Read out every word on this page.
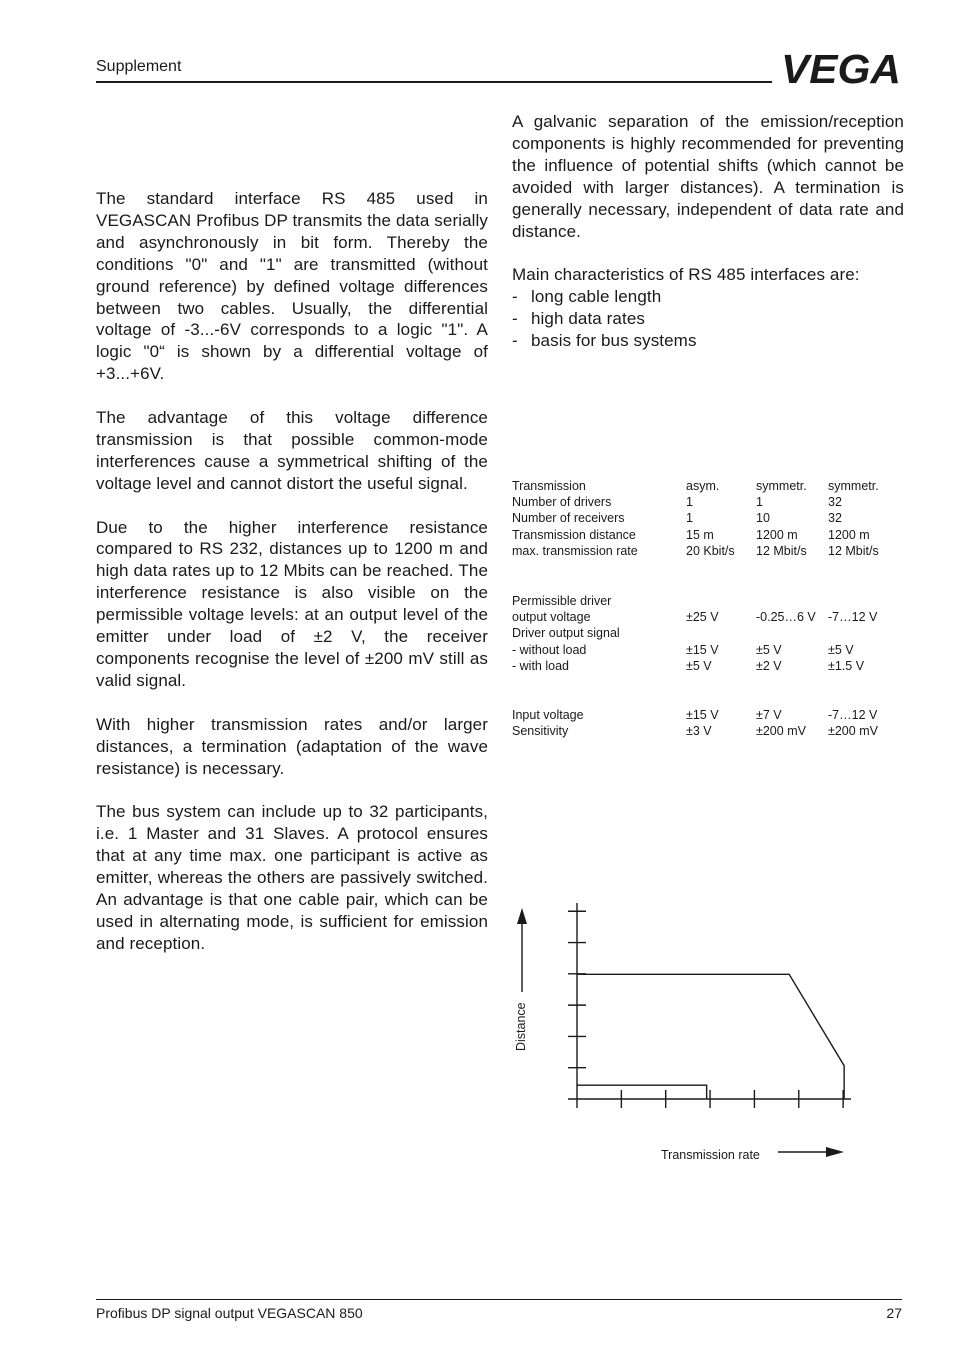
Supplement	VEGA

The standard interface RS 485 used in VEGASCAN Profibus DP transmits the data serially and asynchronously in bit form. Thereby the conditions "0" and "1" are transmitted (without ground reference) by defined voltage differences between two cables. Usually, the differential voltage of -3...-6V corresponds to a logic "1". A logic "0“ is shown by a differential voltage of +3...+6V.

The advantage of this voltage difference transmission is that possible common-mode interferences cause a symmetrical shifting of the voltage level and cannot distort the useful signal.

Due to the higher interference resistance compared to RS 232, distances up to 1200 m and high data rates up to 12 Mbits can be reached. The interference resistance is also visible on the permissible voltage levels: at an output level of the emitter under load of ±2 V, the receiver components recognise the level of ±200 mV still as valid signal.

With higher transmission rates and/or larger distances, a termination (adaptation of the wave resistance) is necessary.

The bus system can include up to 32 participants, i.e. 1 Master and 31 Slaves. A protocol ensures that at any time max. one participant is active as emitter, whereas the others are passively switched. An advantage is that one cable pair, which can be used in alternating mode, is sufficient for emission and reception.

A galvanic separation of the emission/reception components is highly recommended for preventing the influence of potential shifts (which cannot be avoided with larger distances). A termination is generally necessary, independent of data rate and distance.

Main characteristics of RS 485 interfaces are:
- long cable length
- high data rates
- basis for bus systems
Transmission	asym.	symmetr. symmetr.
Number of drivers	1	1	32
Number of receivers	1	10	32
Transmission distance	15 m	1200 m 1200 m
max. transmission rate	20 Kbit/s 12 Mbit/s 12 Mbit/s
Permissible driver
output voltage	±25 V	-0.25…6 V -7…12 V
Driver output signal
- without load	±15 V	±5 V	±5 V
- with load	±5 V	±2 V	±1.5 V
Input voltage	±15 V	±7 V	-7…12 V
Sensitivity	±3 V	±200 mV ±200 mV
Transmission rate
Distance
Profibus DP signal output VEGASCAN 850	27
